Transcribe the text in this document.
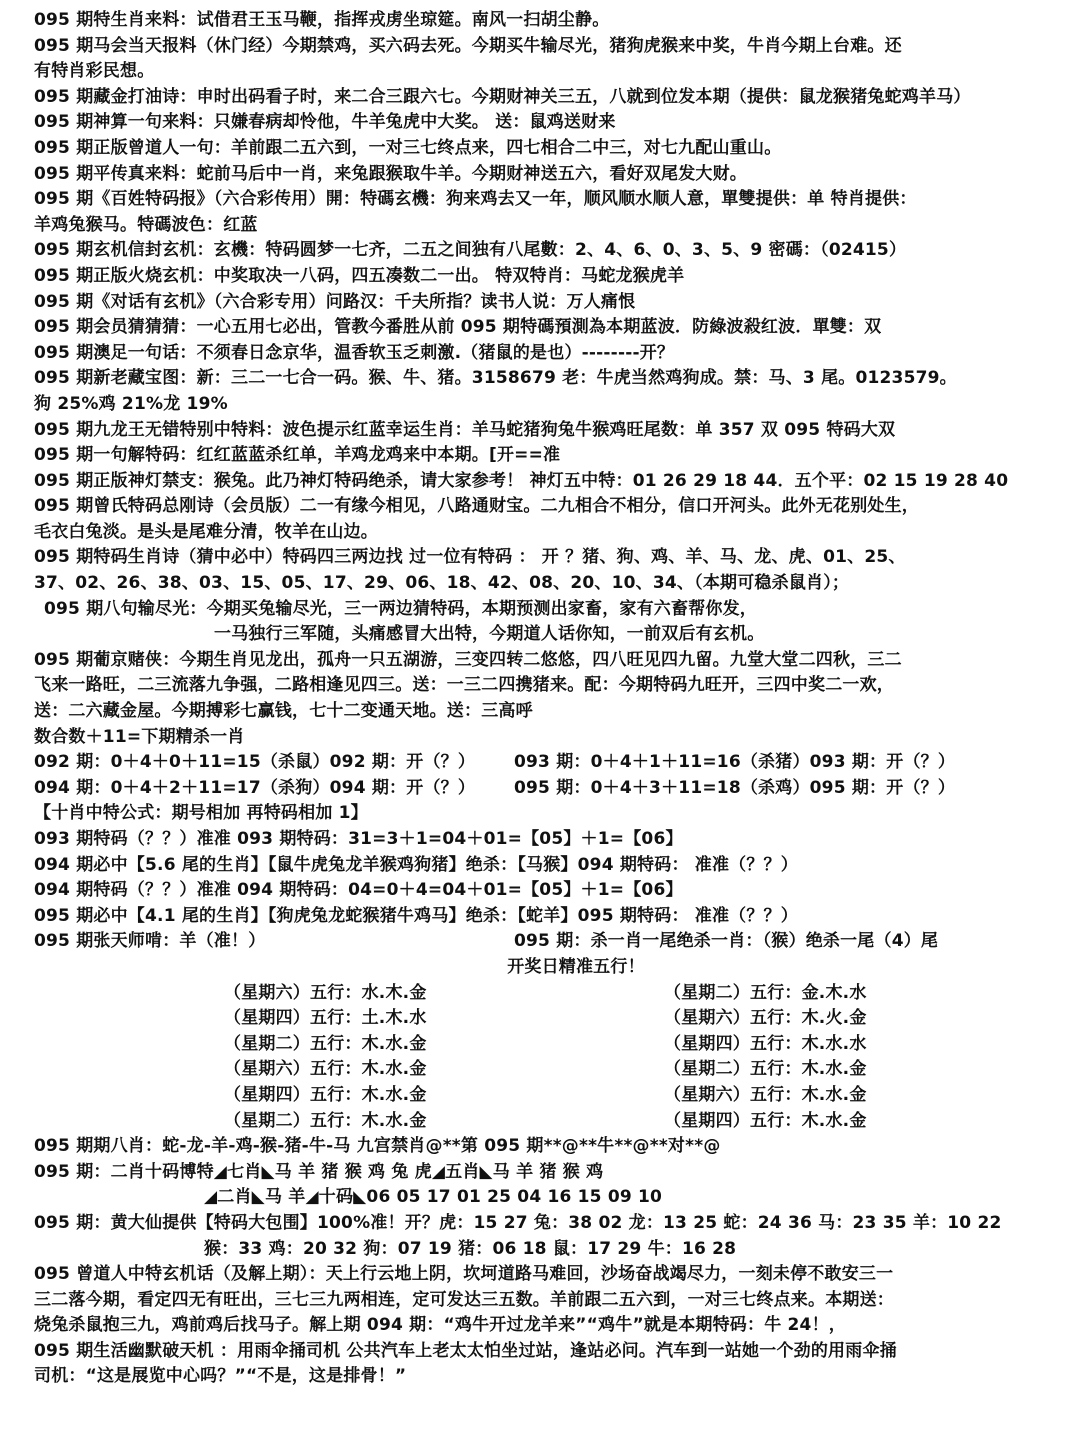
095 期特生肖来料：试借君王玉马鞭，指挥戎虏坐琼筵。南风一扫胡尘静。
095 期马会当天报料（休门经）今期禁鸡，买六码去死。今期买牛输尽光，猪狗虎猴来中奖，牛肖今期上台难。还
有特肖彩民想。
095 期藏金打油诗：申时出码看子时，来二合三跟六七。今期财神关三五，八就到位发本期（提供：鼠龙猴猪兔蛇鸡羊马）
095 期神算一句来料：只嫌春病却怜他，牛羊兔虎中大奖。 送：鼠鸡送财来
095 期正版曾道人一句：羊前跟二五六到，一对三七终点来，四七相合二中三，对七九配山重山。
095 期平传真来料：蛇前马后中一肖，来兔跟猴取牛羊。今期财神送五六，看好双尾发大财。
095 期《百姓特码报》（六合彩传用）開：特碼玄機：狗来鸡去又一年，顺风顺水顺人意，單雙提供：单 特肖提供：
羊鸡兔猴马。特碼波色：红蓝
095 期玄机信封玄机：玄機：特码圆梦一七齐，二五之间独有八尾數：2、4、6、0、3、5、9 密碼：（02415）
095 期正版火烧玄机：中奖取决一八码，四五凑数二一出。 特双特肖：马蛇龙猴虎羊
095 期《对话有玄机》（六合彩专用）问路汉：千夫所指？读书人说：万人痛恨
095 期会员猜猜猜：一心五用七必出，管教今番胜从前 095 期特碼預測為本期蓝波．防綠波殺红波．單雙：双
095 期澳足一句话：不须春日念京华，温香软玉乏刺激.（猪鼠的是也）--------开？
095 期新老藏宝图：新：三二一七合一码。猴、牛、猪。3158679 老：牛虎当然鸡狗成。禁：马、3 尾。0123579。
狗 25%鸡 21%龙 19%
095 期九龙王无错特别中特料：波色提示红蓝幸运生肖：羊马蛇猪狗兔牛猴鸡旺尾数：单 357 双 095 特码大双
095 期一句解特码：红红蓝蓝杀红单，羊鸡龙鸡来中本期。[开==准
095 期正版神灯禁支：猴兔。此乃神灯特码绝杀，请大家参考！ 神灯五中特：01 26 29 18 44．五个平：02 15 19 28 40
095 期曾氏特码总刚诗（会员版）二一有缘今相见，八路通财宝。二九相合不相分，信口开河头。此外无花别处生，
毛衣白兔淡。是头是尾难分清，牧羊在山边。
095 期特码生肖诗（猜中必中）特码四三两边找 过一位有特码 ： 开 ？猪、狗、鸡、羊、马、龙、虎、01、25、
37、02、26、38、03、15、05、17、29、06、18、42、08、20、10、34、（本期可稳杀鼠肖）；
095 期八句输尽光：今期买兔输尽光，三一两边猜特码，本期预测出家畜，家有六畜帮你发，
一马独行三军随，头痛感冒大出特，今期道人话你知，一前双后有玄机。
095 期葡京赌侠：今期生肖见龙出，孤舟一只五湖游，三变四转二悠悠，四八旺见四九留。九堂大堂二四秋，三二
飞来一路旺，二三流落九争强，二路相逢见四三。送：一三二四携猪来。配：今期特码九旺开，三四中奖二一欢，
送：二六藏金屋。今期搏彩七赢钱，七十二变通天地。送：三高呼
数合数＋11=下期精杀一肖
092 期：0＋4＋0＋11=15（杀鼠）092 期：开（？）	093 期：0＋4＋1＋11=16（杀猪）093 期：开（？）
094 期：0＋4＋2＋11=17（杀狗）094 期：开（？）	095 期：0＋4＋3＋11=18（杀鸡）095 期：开（？）
【十肖中特公式：期号相加 再特码相加 1】
093 期特码（？？）准准 093 期特码：31=3＋1=04＋01=【05】＋1=【06】
094 期必中【5.6 尾的生肖】【鼠牛虎兔龙羊猴鸡狗猪】绝杀：【马猴】094 期特码： 准准（？？）
094 期特码（？？）准准 094 期特码：04=0＋4=04＋01=【05】＋1=【06】
095 期必中【4.1 尾的生肖】【狗虎兔龙蛇猴猪牛鸡马】绝杀：【蛇羊】095 期特码： 准准（？？）
095 期张天师啃：羊（准！）	095 期：杀一肖一尾绝杀一肖：（猴）绝杀一尾（4）尾
开奖日精准五行！
（星期六）五行：水.木.金	（星期二）五行：金.木.水
（星期四）五行：土.木.水	（星期六）五行：木.火.金
（星期二）五行：木.水.金	（星期四）五行：木.水.水
（星期六）五行：木.水.金	（星期二）五行：木.水.金
（星期四）五行：木.水.金	（星期六）五行：木.水.金
（星期二）五行：木.水.金	（星期四）五行：木.水.金
095 期期八肖：蛇-龙-羊-鸡-猴-猪-牛-马 九宫禁肖@**第 095 期**@**牛**@**对**@
095 期：二肖十码博特◢七肖◣马 羊 猪 猴 鸡 兔 虎◢五肖◣马 羊 猪 猴 鸡
◢二肖◣马 羊◢十码◣06 05 17 01 25 04 16 15 09 10
095 期：黄大仙提供【特码大包围】100%准！开？虎：15 27 兔：38 02 龙：13 25 蛇：24 36 马：23 35 羊：10 22
猴：33 鸡：20 32 狗：07 19 猪：06 18 鼠：17 29 牛：16 28
095 曾道人中特玄机话（及解上期）：天上行云地上阴，坎坷道路马难回，沙场奋战竭尽力，一刻未停不敢安三一
三二落今期，看定四无有旺出，三七三九两相连，定可发达三五数。羊前跟二五六到，一对三七终点来。本期送：
烧兔杀鼠抱三九，鸡前鸡后找马子。解上期 094 期：“鸡牛开过龙羊来”“鸡牛”就是本期特码：牛 24！，
095 期生活幽默破天机 ：用雨伞捅司机 公共汽车上老太太怕坐过站，逢站必问。汽车到一站她一个劲的用雨伞捅
司机：“这是展览中心吗？”“不是，这是排骨！”
